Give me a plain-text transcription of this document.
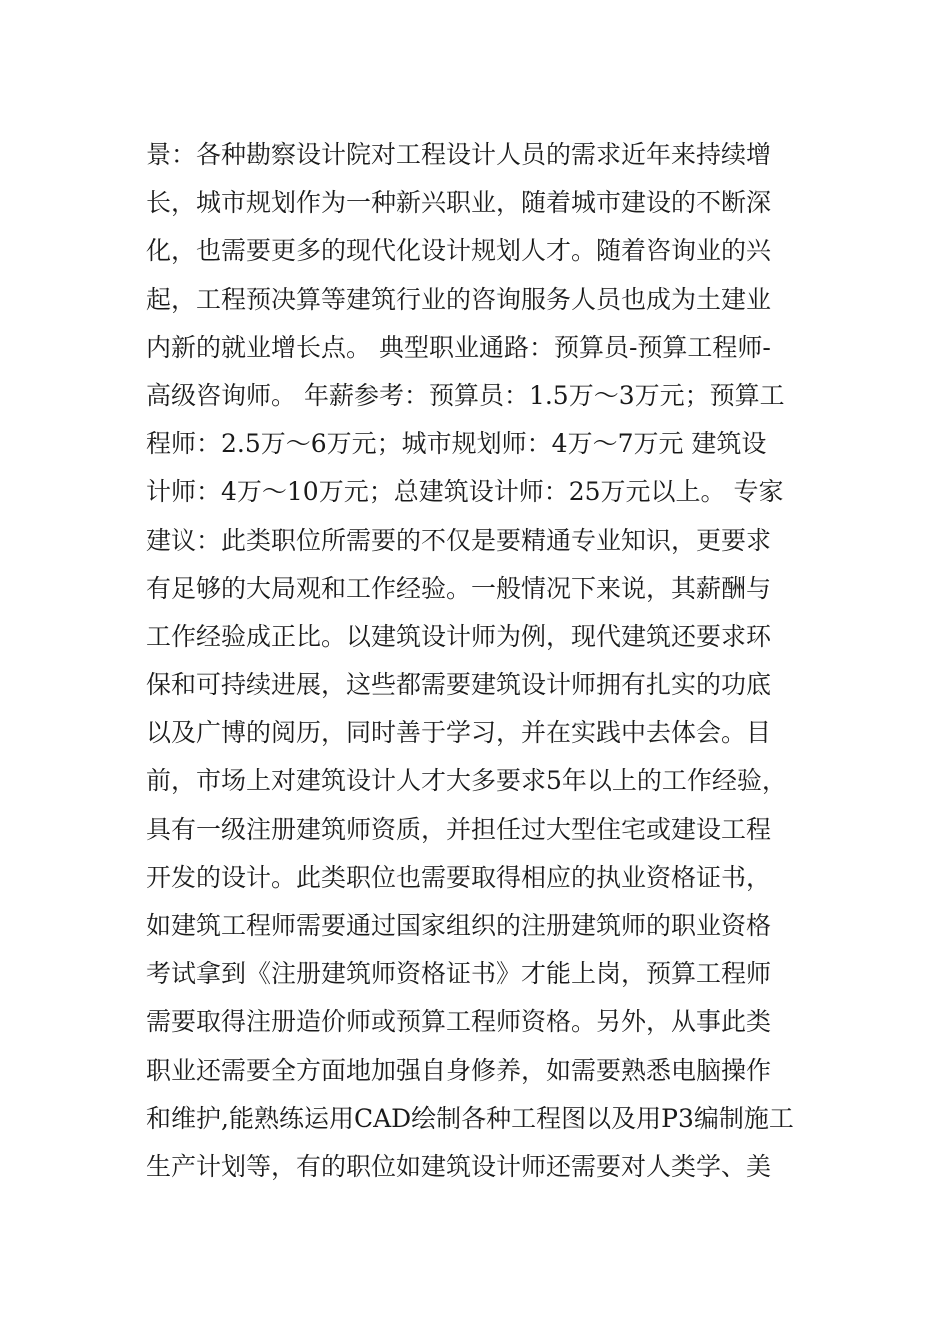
景：各种勘察设计院对工程设计人员的需求近年来持续增
长，城市规划作为一种新兴职业，随着城市建设的不断深
化，也需要更多的现代化设计规划人才。随着咨询业的兴
起，工程预决算等建筑行业的咨询服务人员也成为土建业
内新的就业增长点。 典型职业通路：预算员-预算工程师-
高级咨询师。 年薪参考：预算员：1.5万～3万元；预算工
程师：2.5万～6万元；城市规划师：4万～7万元 建筑设
计师：4万～10万元；总建筑设计师：25万元以上。 专家
建议：此类职位所需要的不仅是要精通专业知识，更要求
有足够的大局观和工作经验。一般情况下来说，其薪酬与
工作经验成正比。以建筑设计师为例，现代建筑还要求环
保和可持续进展，这些都需要建筑设计师拥有扎实的功底
以及广博的阅历，同时善于学习，并在实践中去体会。目
前，市场上对建筑设计人才大多要求5年以上的工作经验，
具有一级注册建筑师资质，并担任过大型住宅或建设工程
开发的设计。此类职位也需要取得相应的执业资格证书，
如建筑工程师需要通过国家组织的注册建筑师的职业资格
考试拿到《注册建筑师资格证书》才能上岗，预算工程师
需要取得注册造价师或预算工程师资格。另外，从事此类
职业还需要全方面地加强自身修养，如需要熟悉电脑操作
和维护,能熟练运用CAD绘制各种工程图以及用P3编制施工
生产计划等，有的职位如建筑设计师还需要对人类学、美
